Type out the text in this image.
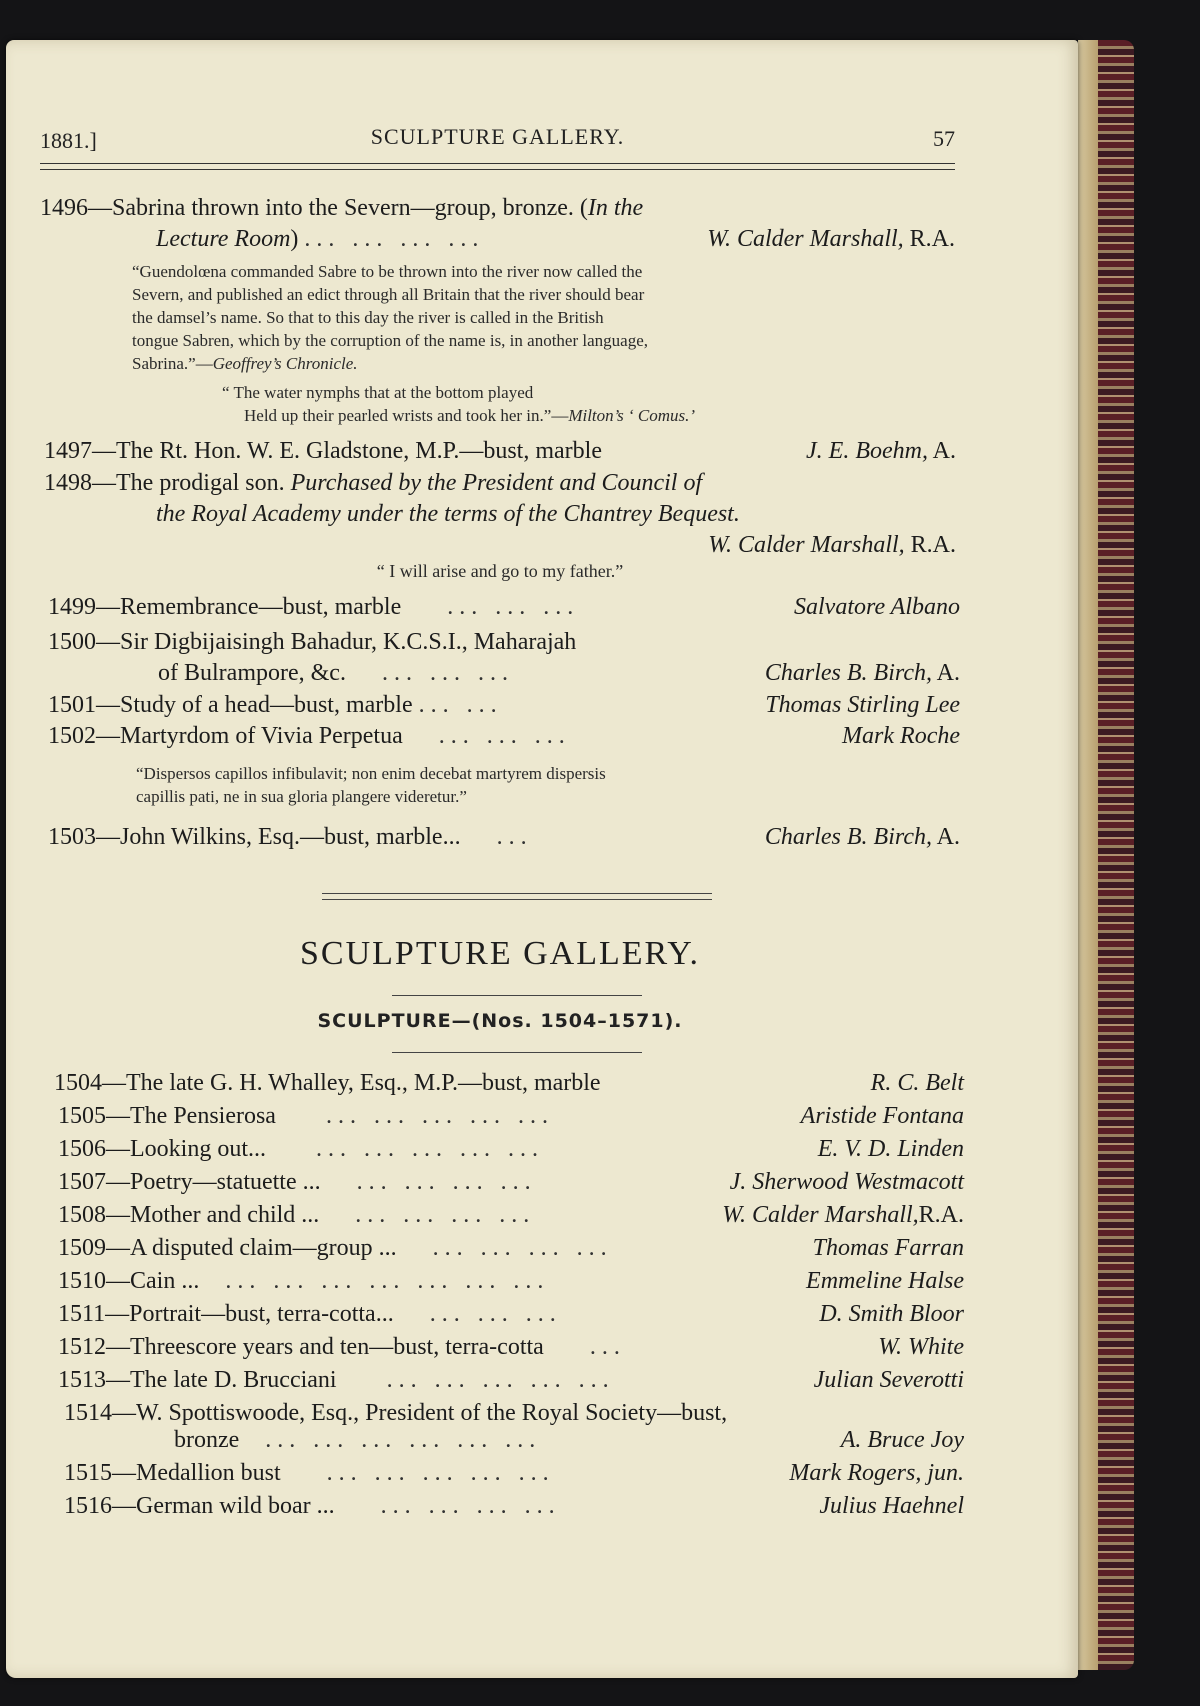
1881.]	SCULPTURE GALLERY.	57
1496—Sabrina thrown into the Severn—group, bronze. (In the
Lecture Room) ... ... ... ...	W. Calder Marshall, R.A.
“Guendolœna commanded Sabre to be thrown into the river now called the
Severn, and published an edict through all Britain that the river should bear
the damsel’s name. So that to this day the river is called in the British
tongue Sabren, which by the corruption of the name is, in another language,
Sabrina.”—Geoffrey’s Chronicle.
“ The water nymphs that at the bottom played
Held up their pearled wrists and took her in.”—Milton’s ‘ Comus.’
1497—The Rt. Hon. W. E. Gladstone, M.P.—bust, marble	J. E. Boehm, A.
1498—The prodigal son. Purchased by the President and Council of
the Royal Academy under the terms of the Chantrey Bequest.
W. Calder Marshall, R.A.
“ I will arise and go to my father.”
1499—Remembrance—bust, marble ... ... ...	Salvatore Albano
1500—Sir Digbijaisingh Bahadur, K.C.S.I., Maharajah
of Bulrampore, &c. ... ... ...	Charles B. Birch, A.
1501—Study of a head—bust, marble ... ...	Thomas Stirling Lee
1502—Martyrdom of Vivia Perpetua ... ... ...	Mark Roche
“Dispersos capillos infibulavit; non enim decebat martyrem dispersis
capillis pati, ne in sua gloria plangere videretur.”
1503—John Wilkins, Esq.—bust, marble... ...	Charles B. Birch, A.
SCULPTURE GALLERY.
SCULPTURE—(Nos. 1504–1571).
1504—The late G. H. Whalley, Esq., M.P.—bust, marble	R. C. Belt
1505—The Pensierosa ... ... ... ... ...	Aristide Fontana
1506—Looking out... ... ... ... ... ...	E. V. D. Linden
1507—Poetry—statuette ... ... ... ... ...	J. Sherwood Westmacott
1508—Mother and child ... ... ... ... ...	W. Calder Marshall,R.A.
1509—A disputed claim—group ... ... ... ... ...	Thomas Farran
1510—Cain ... ... ... ... ... ... ... ...	Emmeline Halse
1511—Portrait—bust, terra-cotta... ... ... ...	D. Smith Bloor
1512—Threescore years and ten—bust, terra-cotta ...	W. White
1513—The late D. Brucciani ... ... ... ... ...	Julian Severotti
1514—W. Spottiswoode, Esq., President of the Royal Society—bust,
bronze ... ... ... ... ... ...	A. Bruce Joy
1515—Medallion bust ... ... ... ... ...	Mark Rogers, jun.
1516—German wild boar ... ... ... ... ...	Julius Haehnel
